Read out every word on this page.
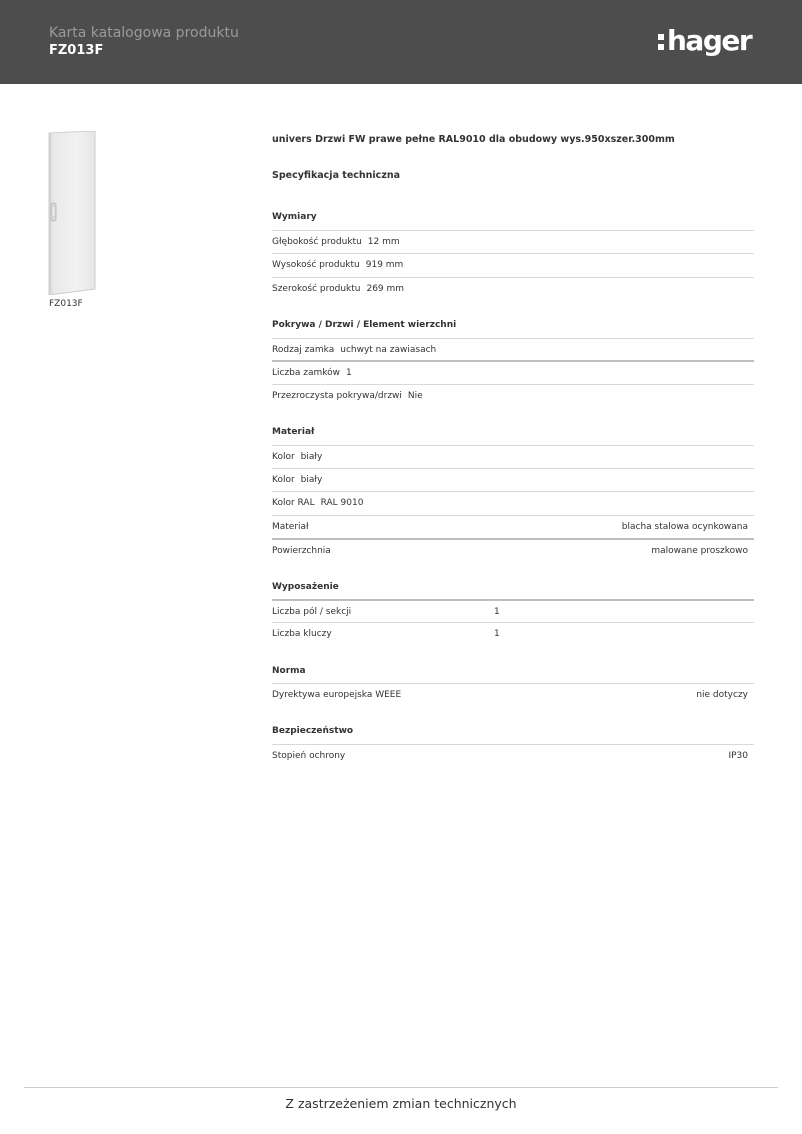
Karta katalogowa produktu
FZ013F	hager
FZ013F
univers Drzwi FW prawe pełne RAL9010 dla obudowy wys.950xszer.300mm
Specyfikacja techniczna
Wymiary
Głębokość produktu 12 mm
Wysokość produktu 919 mm
Szerokość produktu 269 mm
Pokrywa / Drzwi / Element wierzchni
Rodzaj zamka uchwyt na zawiasach
Liczba zamków 1
Przezroczysta pokrywa/drzwi Nie
Materiał
Kolor biały
Kolor biały
Kolor RAL RAL 9010
Materiał	blacha stalowa ocynkowana
Powierzchnia	malowane proszkowo
Wyposażenie
Liczba pól / sekcji	1
Liczba kluczy	1
Norma
Dyrektywa europejska WEEE	nie dotyczy
Bezpieczeństwo
Stopień ochrony	IP30
Z zastrzeżeniem zmian technicznych
